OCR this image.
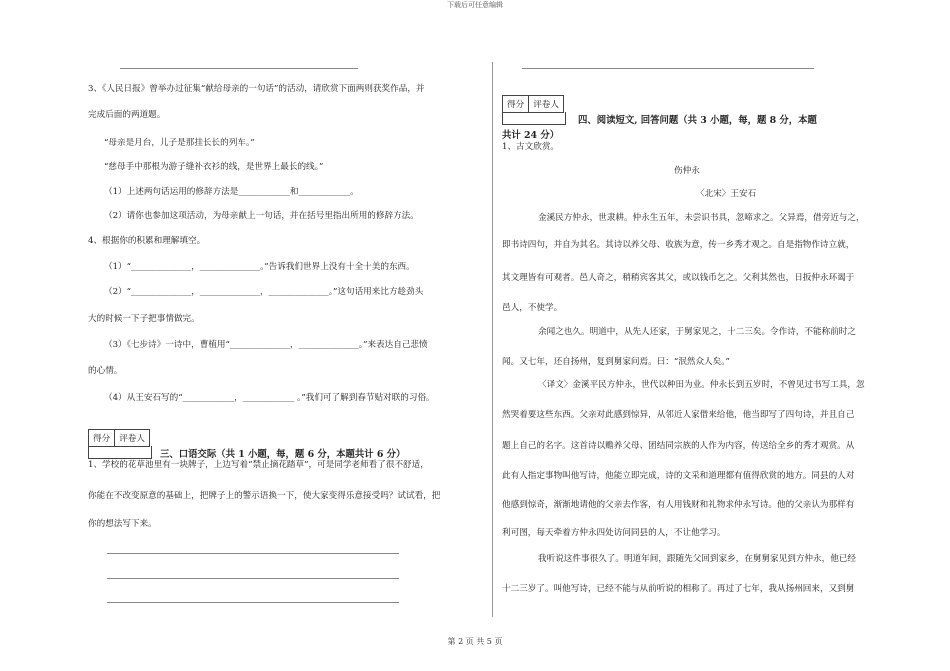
下载后可任意编辑
第 2 页 共 5 页
3、《人民日报》曾举办过征集“献给母亲的一句话”的活动，请欣赏下面两则获奖作品，并
完成后面的两道题。
“母亲是月台，儿子是那挂长长的列车。”
“慈母手中那根为游子缝补衣衫的线，是世界上最长的线。”
（1）上述两句话运用的修辞方法是____________和____________。
（2）请你也参加这项活动，为母亲献上一句话，并在括号里指出所用的修辞方法。
4、根据你的积累和理解填空。
（1）“______________，______________。”告诉我们世界上没有十全十美的东西。
（2）“______________，______________，______________。”这句话用来比方趁劲头
大的时候一下子把事情做完。
（3）《七步诗》一诗中，曹植用“______________，______________。”来表达自己悲愤
的心情。
（4）从王安石写的“____________，____________ 。”我们可了解到春节贴对联的习俗。
得分	评卷人
三、口语交际（共 1 小题，每，题 6 分，本题共计 6 分）
1、学校的花草池里有一块牌子，上边写着“禁止摘花踏草”，可是同学老师看了很不舒适，
你能在不改变原意的基础上，把牌子上的警示语换一下，使大家变得乐意接受吗？试试看，把
你的想法写下来。
得分	评卷人
四、阅读短文, 回答问题（共 3 小题，每，题 8 分，本题
共计 24 分）
1、古文欣赏。
伤仲永
〈北宋〉王安石
金溪民方仲永，世隶耕。仲永生五年，未尝识书具，忽啼求之。父异焉，借旁近与之，
即书诗四句，并自为其名。其诗以养父母、收族为意，传一乡秀才观之。自是指物作诗立就，
其文理皆有可观者。邑人奇之，稍稍宾客其父，或以钱币乞之。父利其然也，日扳仲永环谒于
邑人，不使学。
余闻之也久。明道中，从先人还家，于舅家见之，十二三矣。令作诗，不能称前时之
闻。又七年，还自扬州，复到舅家问焉。曰：“泯然众人矣。”
〈译文〉金溪平民方仲永，世代以种田为业。仲永长到五岁时，不曾见过书写工具，忽
然哭着要这些东西。父亲对此感到惊异，从邻近人家借来给他，他当即写了四句诗，并且自己
题上自己的名字。这首诗以赡养父母、团结同宗族的人作为内容，传送给全乡的秀才观赏。从
此有人指定事物叫他写诗，他能立即完成，诗的文采和道理都有值得欣赏的地方。同县的人对
他感到惊奇，渐渐地请他的父亲去作客，有人用钱财和礼物求仲永写诗。他的父亲认为那样有
利可图，每天牵着方仲永四处访问同县的人，不让他学习。
我听说这件事很久了。明道年间，跟随先父回到家乡，在舅舅家见到方仲永，他已经
十二三岁了。叫他写诗，已经不能与从前听说的相称了。再过了七年，我从扬州回来，又到舅
